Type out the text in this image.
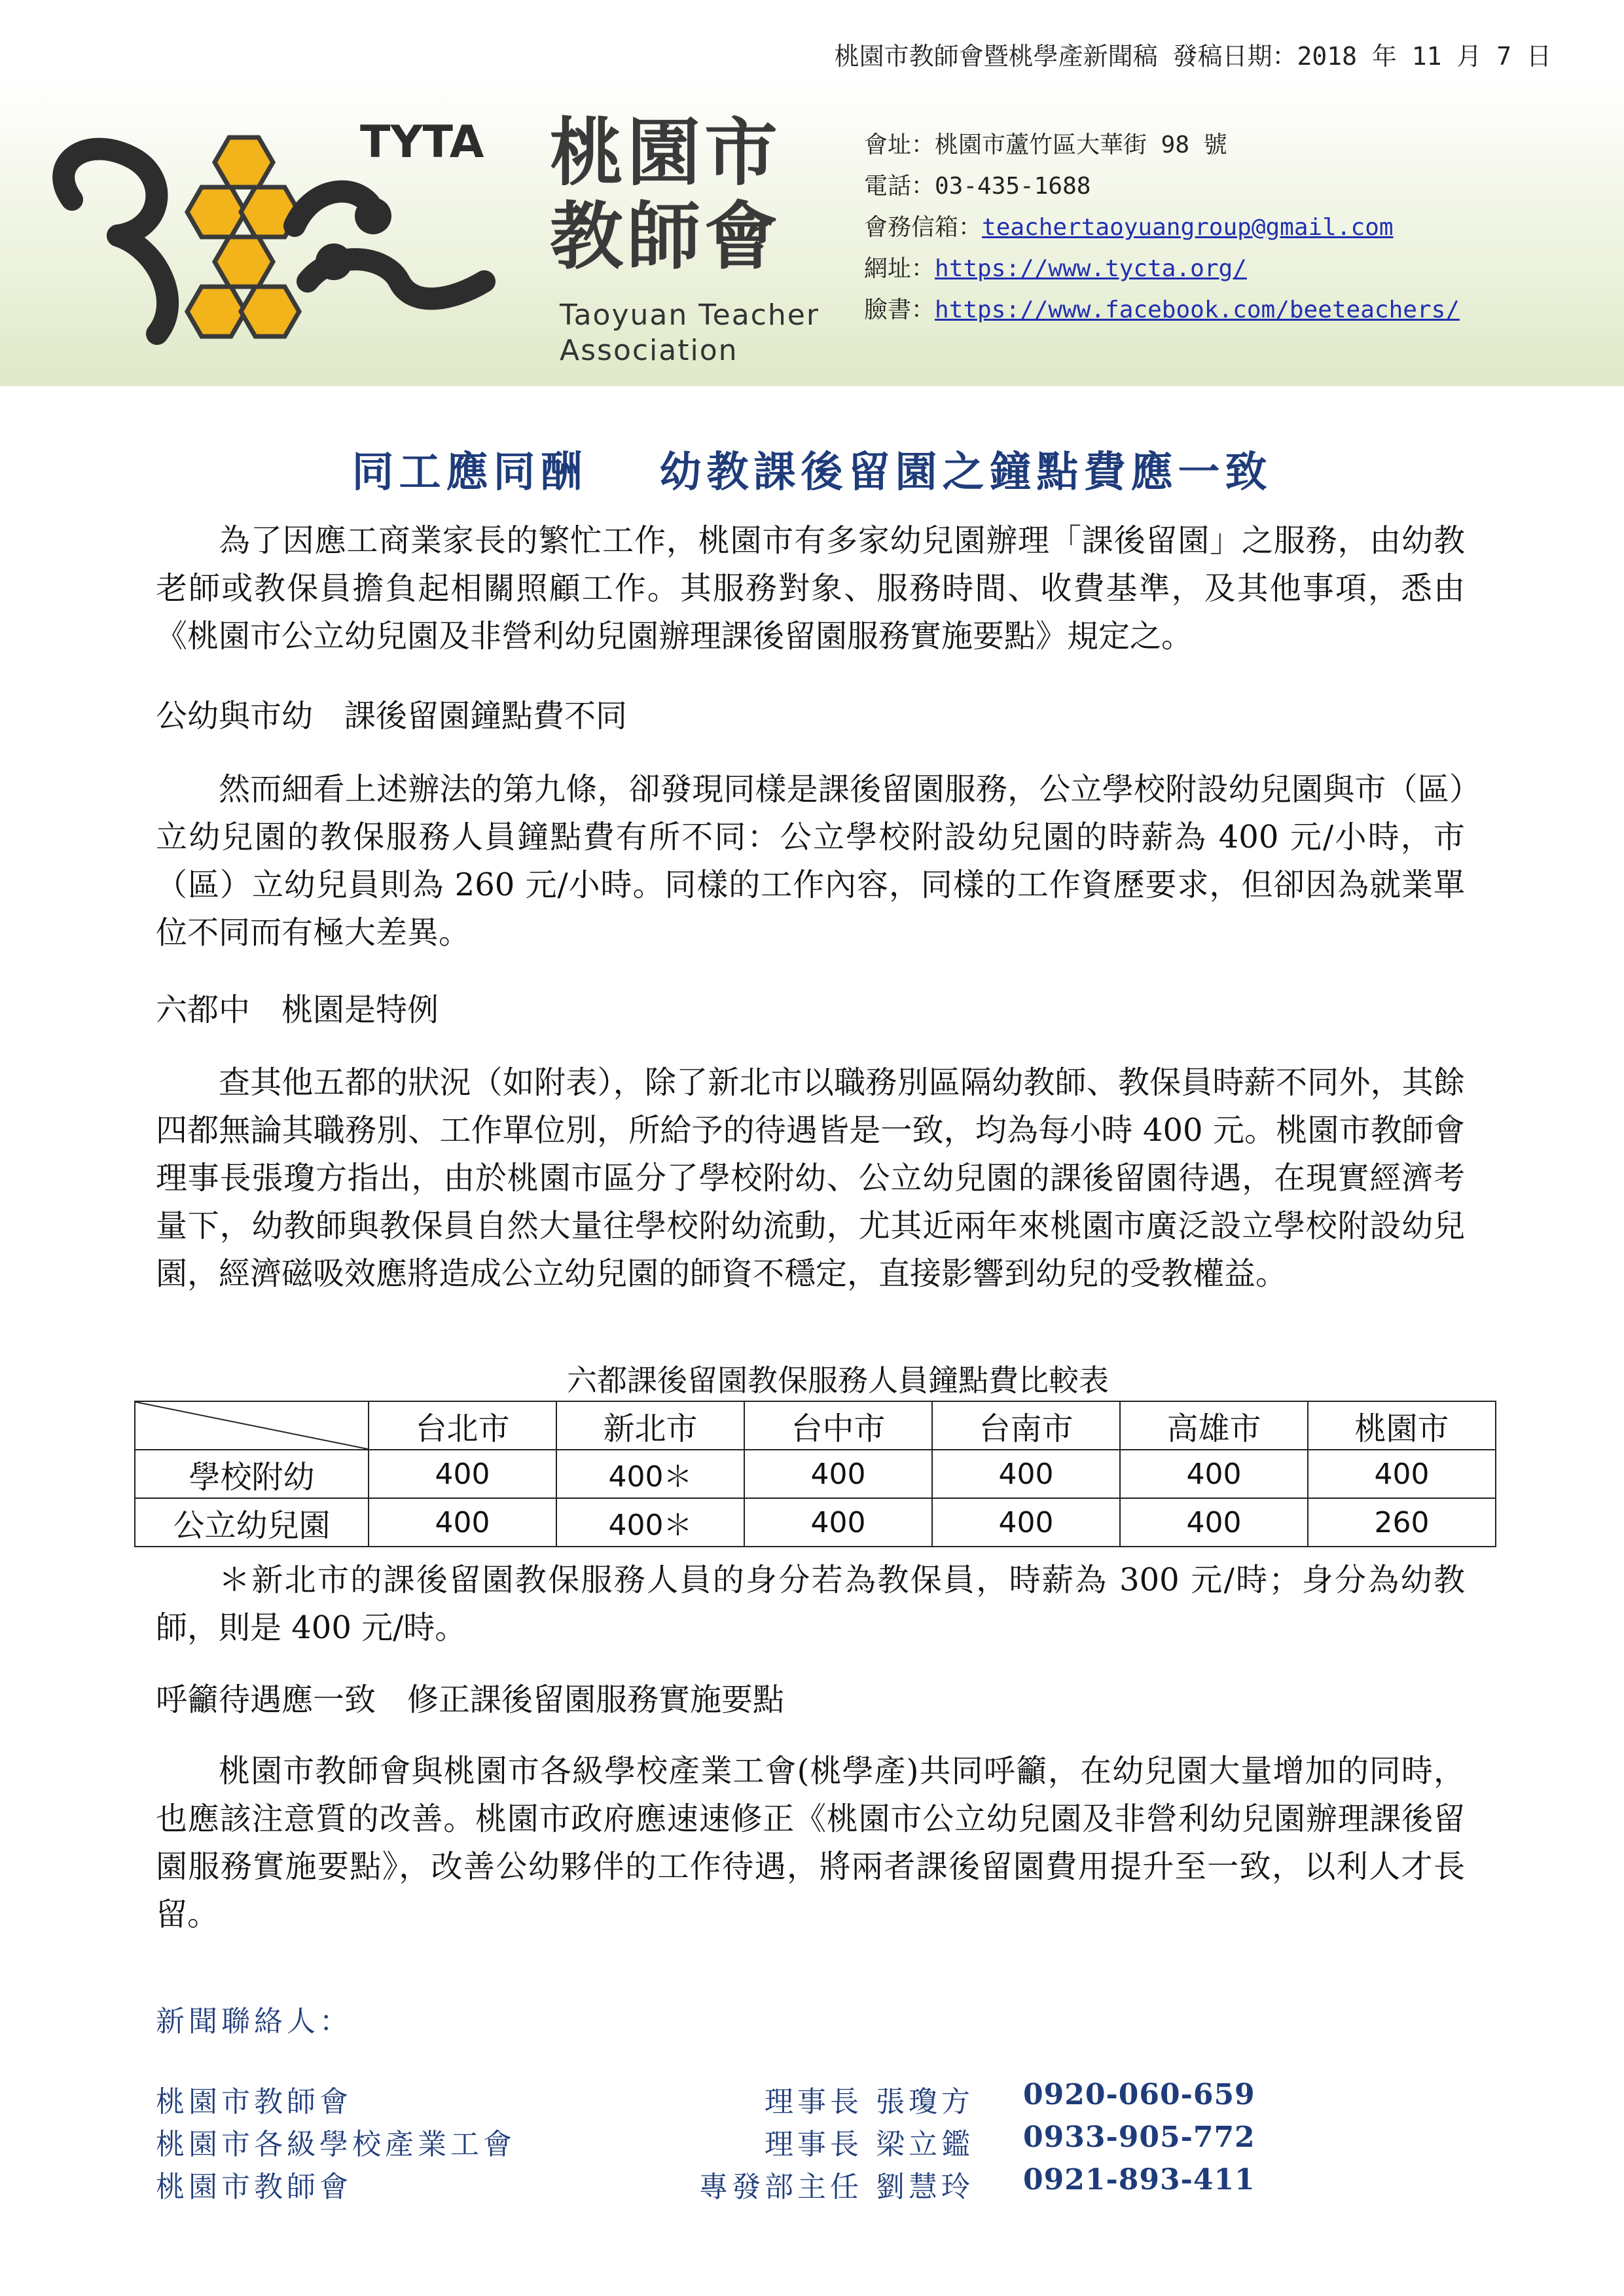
桃園市教師會暨桃學產新聞稿 發稿日期：2018 年 11 月 7 日
TYTA 桃園市
教師會
Taoyuan Teacher
Association
會址：桃園市蘆竹區大華街 98 號
電話：03-435-1688
會務信箱：teachertaoyuangroup@gmail.com
網址：https://www.tycta.org/
臉書：https://www.facebook.com/beeteachers/
同工應同酬 幼教課後留園之鐘點費應一致
為了因應工商業家長的繁忙工作，桃園市有多家幼兒園辦理「課後留園」之服務，由幼教老師或教保員擔負起相關照顧工作。其服務對象、服務時間、收費基準，及其他事項，悉由《桃園市公立幼兒園及非營利幼兒園辦理課後留園服務實施要點》規定之。
公幼與市幼　課後留園鐘點費不同
然而細看上述辦法的第九條，卻發現同樣是課後留園服務，公立學校附設幼兒園與市（區）立幼兒園的教保服務人員鐘點費有所不同：公立學校附設幼兒園的時薪為 400 元/小時，市（區）立幼兒員則為 260 元/小時。同樣的工作內容，同樣的工作資歷要求，但卻因為就業單位不同而有極大差異。
六都中　桃園是特例
查其他五都的狀況（如附表），除了新北市以職務別區隔幼教師、教保員時薪不同外，其餘四都無論其職務別、工作單位別，所給予的待遇皆是一致，均為每小時 400 元。桃園市教師會理事長張瓊方指出，由於桃園市區分了學校附幼、公立幼兒園的課後留園待遇，在現實經濟考量下，幼教師與教保員自然大量往學校附幼流動，尤其近兩年來桃園市廣泛設立學校附設幼兒園，經濟磁吸效應將造成公立幼兒園的師資不穩定，直接影響到幼兒的受教權益。
六都課後留園教保服務人員鐘點費比較表
	台北市	新北市	台中市	台南市	高雄市	桃園市
學校附幼	400	400＊	400	400	400	400
公立幼兒園	400	400＊	400	400	400	260
＊新北市的課後留園教保服務人員的身分若為教保員，時薪為 300 元/時；身分為幼教師，則是 400 元/時。
呼籲待遇應一致　修正課後留園服務實施要點
桃園市教師會與桃園市各級學校產業工會(桃學產)共同呼籲，在幼兒園大量增加的同時，也應該注意質的改善。桃園市政府應速速修正《桃園市公立幼兒園及非營利幼兒園辦理課後留園服務實施要點》，改善公幼夥伴的工作待遇，將兩者課後留園費用提升至一致，以利人才長留。
新聞聯絡人：
桃園市教師會	理事長 張瓊方 0920-060-659
桃園市各級學校產業工會	理事長 梁立鑑 0933-905-772
桃園市教師會	專發部主任 劉慧玲 0921-893-411
